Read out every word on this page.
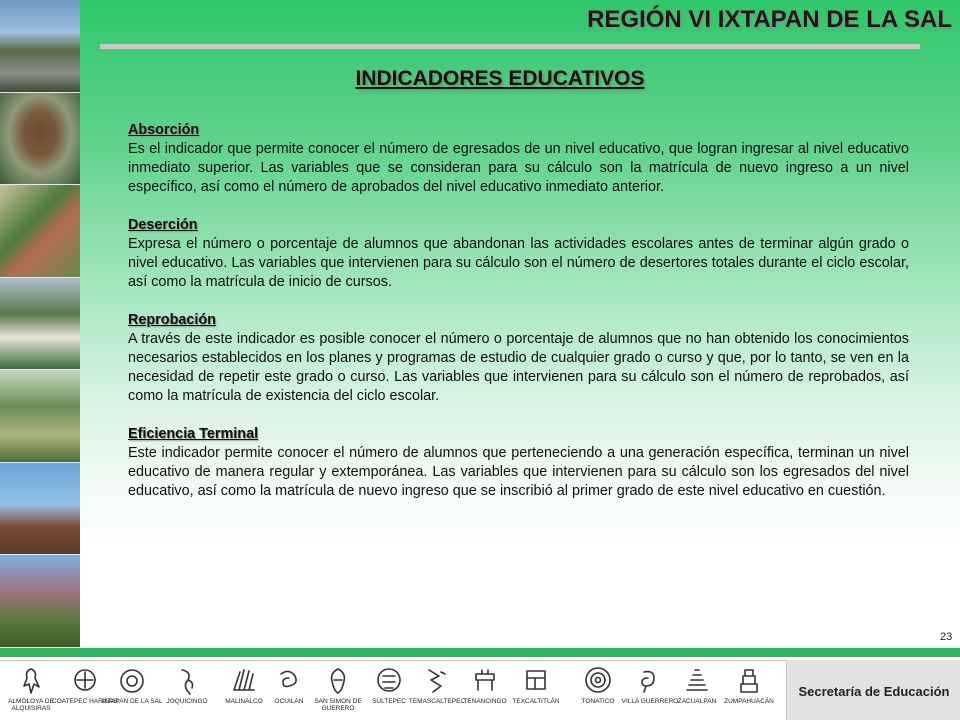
REGIÓN VI IXTAPAN DE LA SAL
INDICADORES EDUCATIVOS
Absorción
Es el indicador que permite conocer el número de egresados de un nivel educativo, que logran ingresar al nivel educativo inmediato superior. Las variables que se consideran para su cálculo son la matrícula de nuevo ingreso a un nivel específico, así como el número de aprobados del nivel educativo inmediato anterior.
Deserción
Expresa el número o porcentaje de alumnos que abandonan las actividades escolares antes de terminar algún grado o nivel educativo. Las variables que intervienen para su cálculo son el número de desertores totales durante el ciclo escolar, así como la matrícula de inicio de cursos.
Reprobación
A través de este indicador es posible conocer el número o porcentaje de alumnos que no han obtenido los conocimientos necesarios establecidos en los planes y programas de estudio de cualquier grado o curso y que, por lo tanto, se ven en la necesidad de repetir este grado o curso. Las variables que intervienen para su cálculo son el número de reprobados, así como la matrícula de existencia del ciclo escolar.
Eficiencia Terminal
Este indicador permite conocer el número de alumnos que perteneciendo a una generación específica, terminan un nivel educativo de manera regular y extemporánea. Las variables que intervienen para su cálculo son los egresados del nivel educativo, así como la matrícula de nuevo ingreso que se inscribió al primer grado de este nivel educativo en cuestión.
23
ALMOLOYA DE ALQUISIRAS
COATEPEC HARINAS
IXTAPAN DE LA SAL JOQUICINGO	MALINALCO	OCUILAN	SAN SIMON DE GUERERO
SULTEPEC TEMASCALTEPEC
TENANCINGO TEXCALTITLÁN	TONATICO	VILLA GUERRERO ZACUALPAN	ZUMPAHUACÁN
Secretaría de Educación
